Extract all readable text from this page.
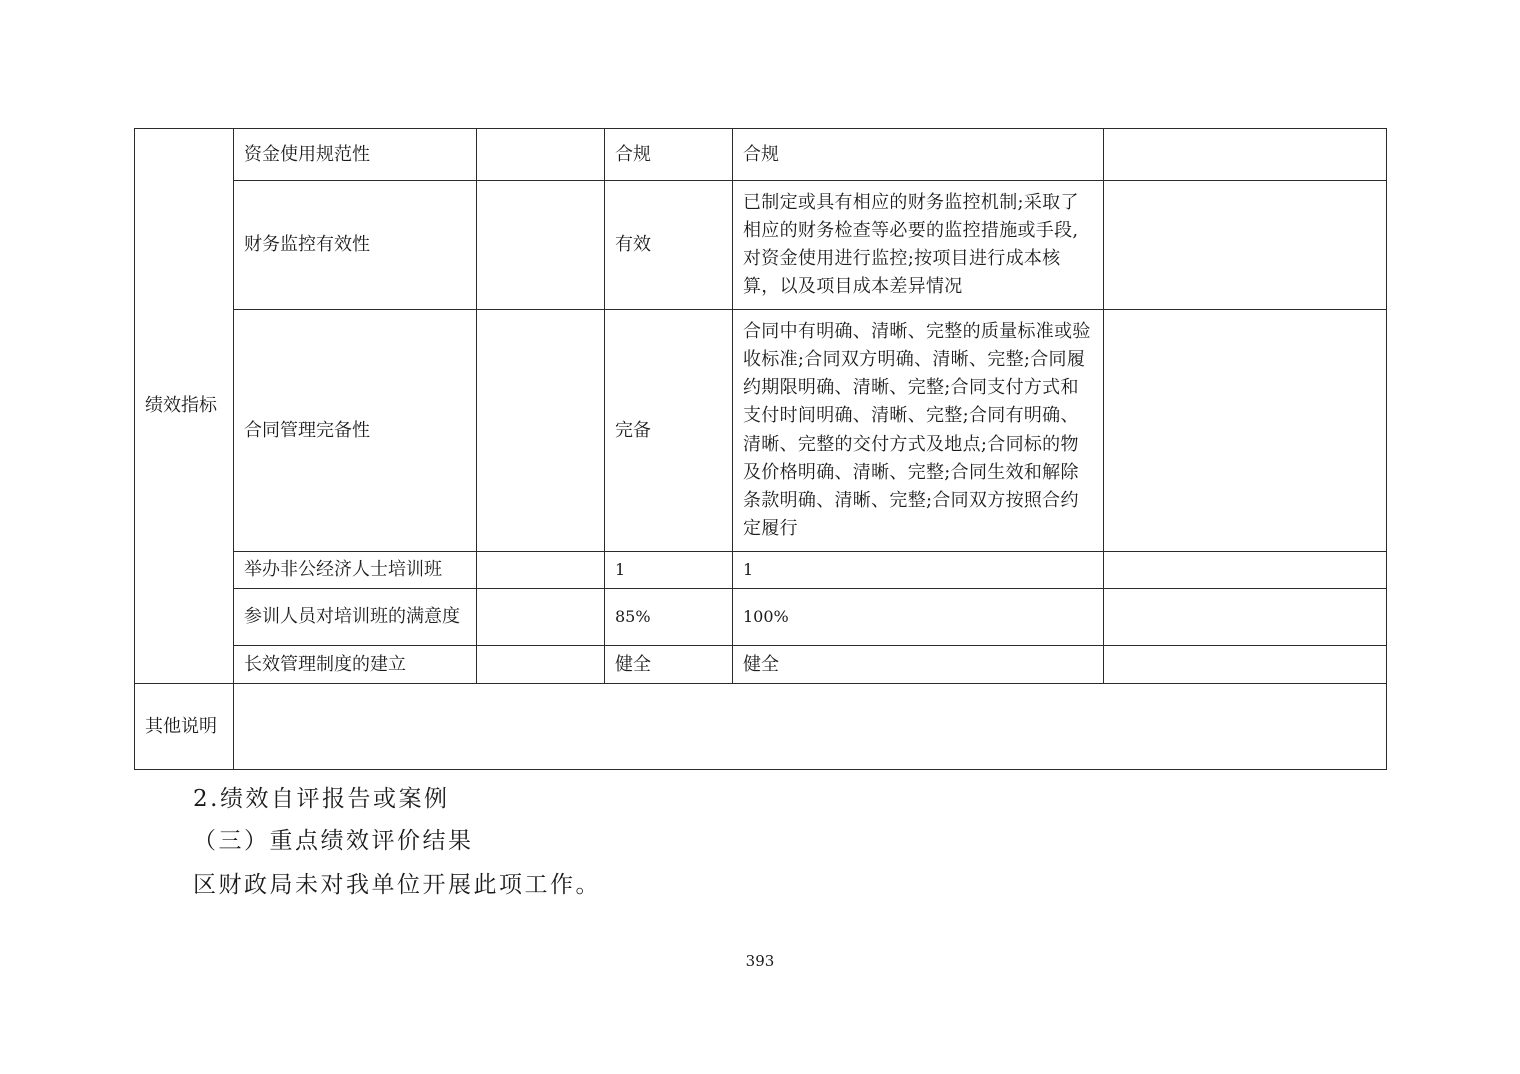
绩效指标	资金使用规范性		合规	合规	
	财务监控有效性		有效	已制定或具有相应的财务监控机制;采取了相应的财务检查等必要的监控措施或手段,对资金使用进行监控;按项目进行成本核算，以及项目成本差异情况	
	合同管理完备性		完备	合同中有明确、清晰、完整的质量标准或验收标准;合同双方明确、清晰、完整;合同履约期限明确、清晰、完整;合同支付方式和支付时间明确、清晰、完整;合同有明确、清晰、完整的交付方式及地点;合同标的物及价格明确、清晰、完整;合同生效和解除条款明确、清晰、完整;合同双方按照合约定履行	
	举办非公经济人士培训班		1	1	
	参训人员对培训班的满意度		85%	100%	
	长效管理制度的建立		健全	健全	
其他说明					
2.绩效自评报告或案例
（三）重点绩效评价结果
区财政局未对我单位开展此项工作。
393
